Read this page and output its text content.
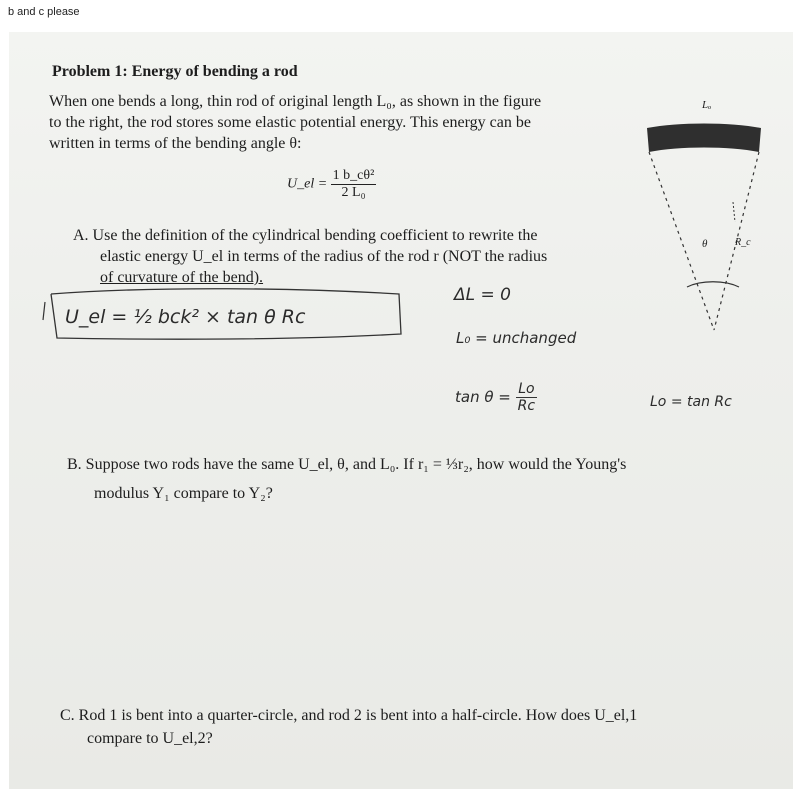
b and c please
Problem 1: Energy of bending a rod
When one bends a long, thin rod of original length L₀, as shown in the figure
to the right, the rod stores some elastic potential energy. This energy can be
written in terms of the bending angle θ:
U_el = $\frac{\text{1 b\_cθ²}}{\text{2 L₀}}$
A. Use the definition of the cylindrical bending coefficient to rewrite the
elastic energy U_el in terms of the radius of the rod r (NOT the radius
of curvature of the bend).
U_el = ½ bck² × tan θ Rc
ΔL = 0
L₀ = unchanged
$\tan \theta = \frac{Lo}{Rc}$	Lo = tan Rc
B. Suppose two rods have the same U_el, θ, and L₀. If r₁ = ⅓r₂, how would the Young's
modulus Y₁ compare to Y₂?
C. Rod 1 is bent into a quarter-circle, and rod 2 is bent into a half-circle. How does U_el,1
compare to U_el,2?
Lₒ
θ	R_c
